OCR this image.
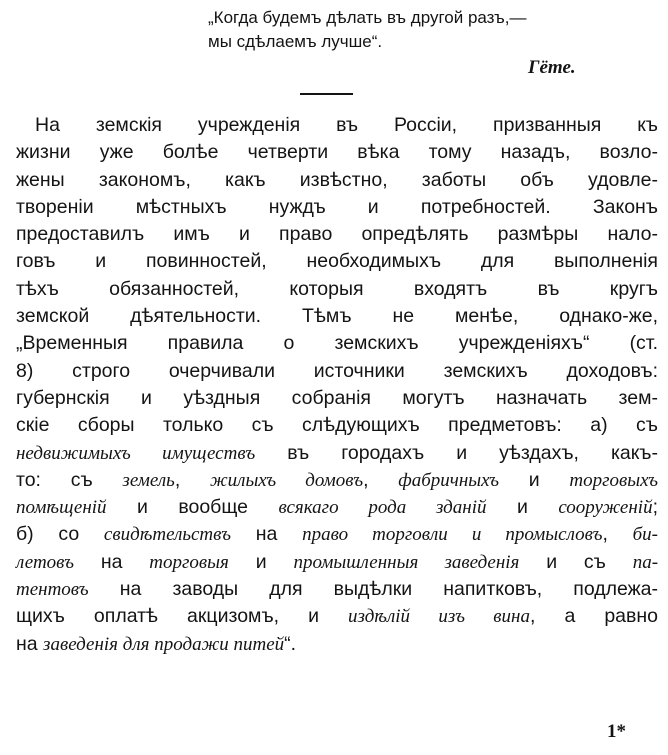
„Когда будемъ дѣлать въ другой разъ,—
мы сдѣлаемъ лучше“.
Гёте.
На земскія учрежденія въ Россіи, призванныя къ
жизни уже болѣе четверти вѣка тому назадъ, возло-
жены закономъ, какъ извѣстно, заботы объ удовле-
твореніи мѣстныхъ нуждъ и потребностей. Законъ
предоставилъ имъ и право опредѣлять размѣры нало-
говъ и повинностей, необходимыхъ для выполненія
тѣхъ обязанностей, которыя входятъ въ кругъ
земской дѣятельности. Тѣмъ не менѣе, однако-же,
„Временныя правила о земскихъ учрежденіяхъ“ (ст.
8) строго очерчивали источники земскихъ доходовъ:
губернскія и уѣздныя собранія могутъ назначать зем-
скіе сборы только съ слѣдующихъ предметовъ: а) съ
недвижимыхъ имуществъ въ городахъ и уѣздахъ, какъ-
то: съ земель, жилыхъ домовъ, фабричныхъ и торговыхъ
помѣщеній и вообще всякаго рода зданій и сооруженій;
б) со свидѣтельствъ на право торговли и промысловъ, би-
летовъ на торговыя и промышленныя заведенія и съ па-
тентовъ на заводы для выдѣлки напитковъ, подлежа-
щихъ оплатѣ акцизомъ, и издѣлій изъ вина, а равно
на заведенія для продажи питей“.
1*
